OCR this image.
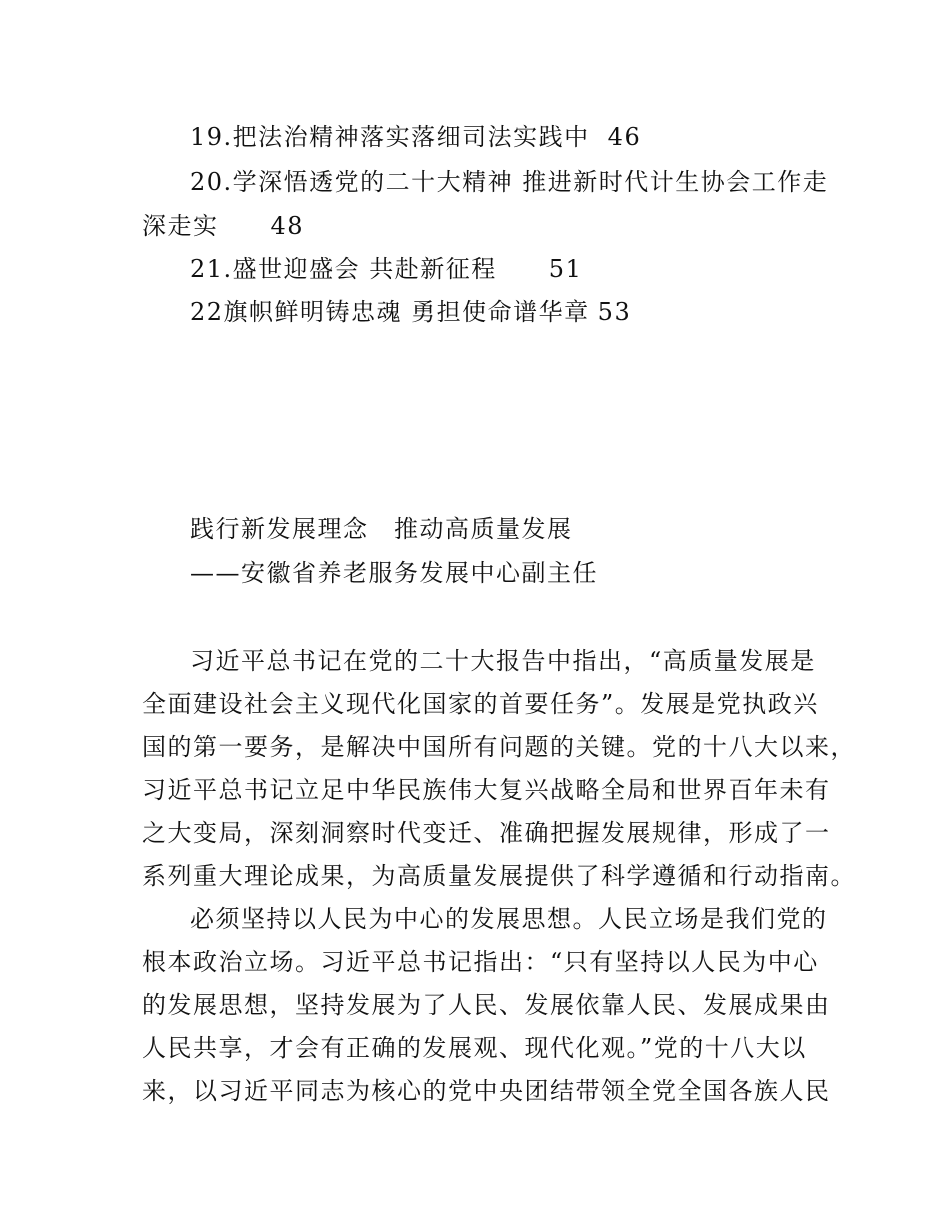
19.把法治精神落实落细司法实践中 46
20.学深悟透党的二十大精神 推进新时代计生协会工作走
深走实 48
21.盛世迎盛会 共赴新征程 51
22旗帜鲜明铸忠魂 勇担使命谱华章 53
践行新发展理念　推动高质量发展
——安徽省养老服务发展中心副主任
习近平总书记在党的二十大报告中指出，“高质量发展是
全面建设社会主义现代化国家的首要任务”。发展是党执政兴
国的第一要务，是解决中国所有问题的关键。党的十八大以来，
习近平总书记立足中华民族伟大复兴战略全局和世界百年未有
之大变局，深刻洞察时代变迁、准确把握发展规律，形成了一
系列重大理论成果，为高质量发展提供了科学遵循和行动指南。
必须坚持以人民为中心的发展思想。人民立场是我们党的
根本政治立场。习近平总书记指出：“只有坚持以人民为中心
的发展思想，坚持发展为了人民、发展依靠人民、发展成果由
人民共享，才会有正确的发展观、现代化观。”党的十八大以
来，以习近平同志为核心的党中央团结带领全党全国各族人民
